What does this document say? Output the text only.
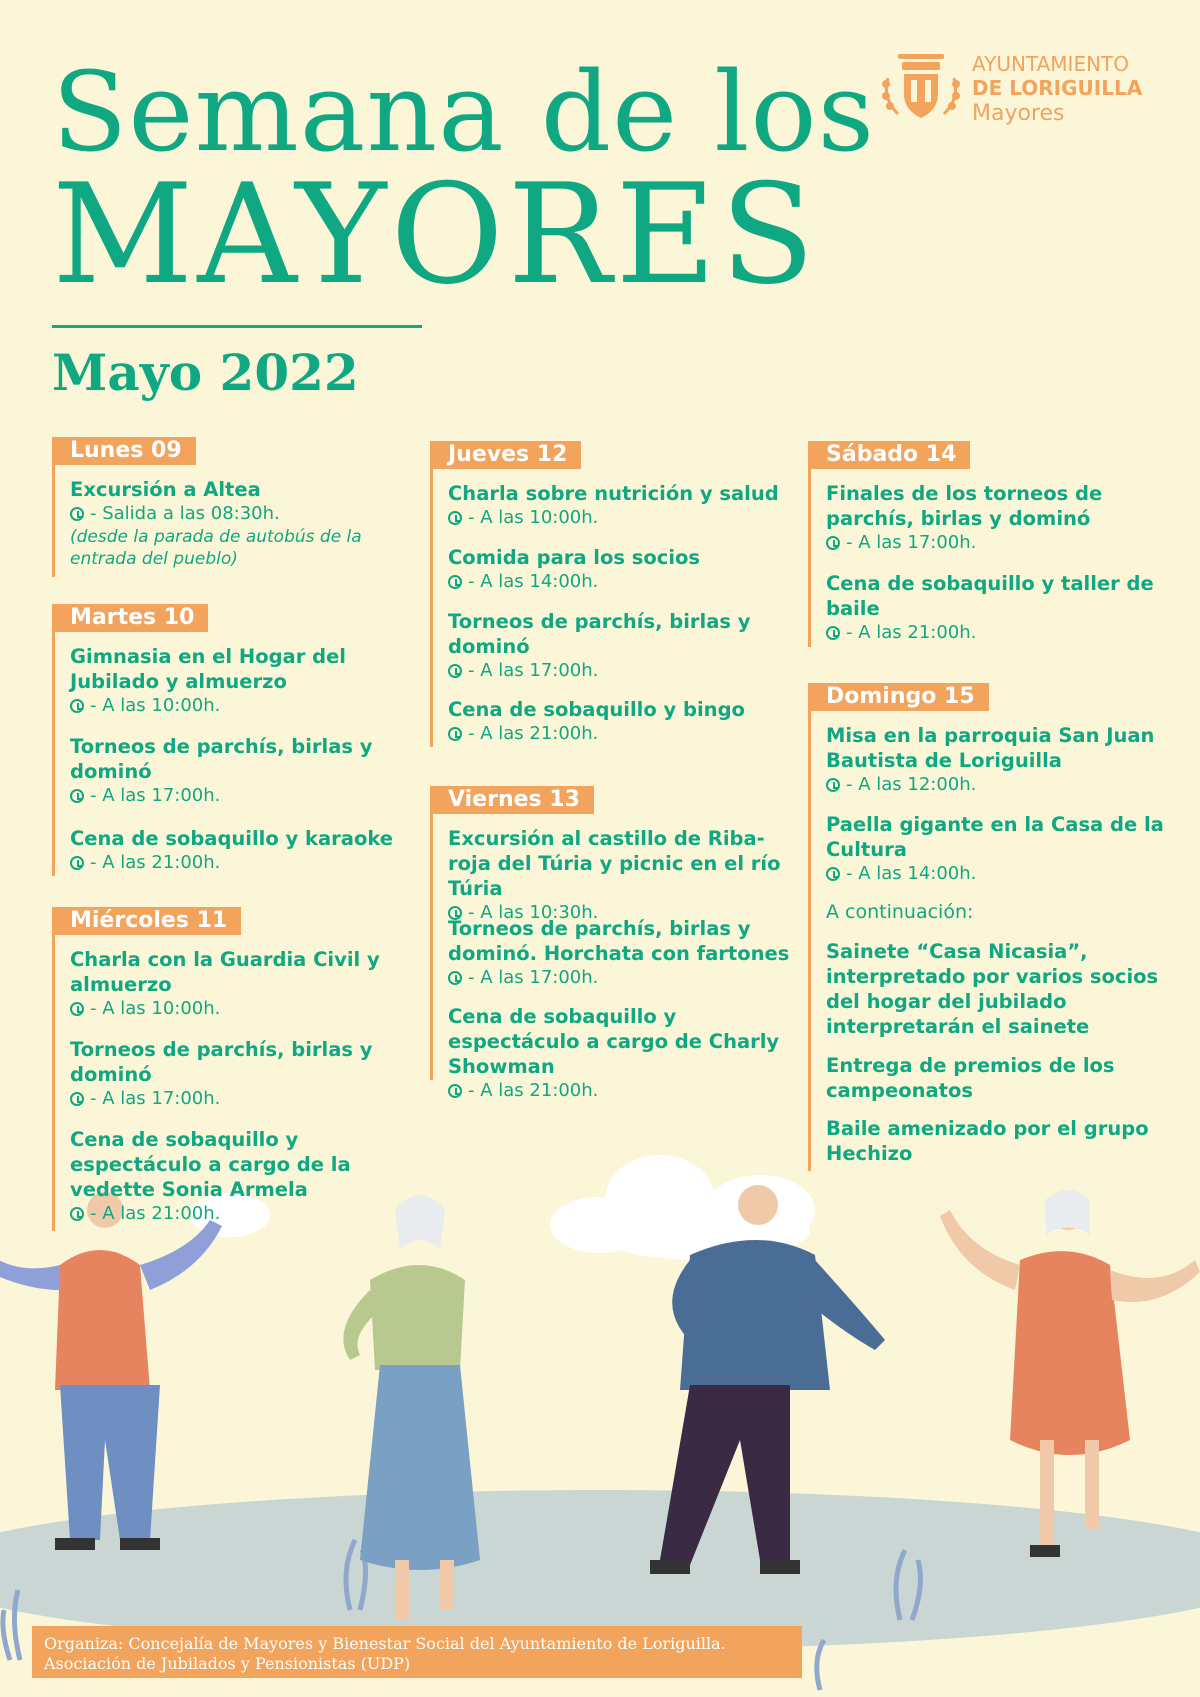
Semana de los
MAYORES
Mayo 2022
AYUNTAMIENTO
DE LORIGUILLA
Mayores
Lunes 09
Excursión a Altea
- Salida a las 08:30h.
(desde la parada de autobús de la entrada del pueblo)
Martes 10
Gimnasia en el Hogar del Jubilado y almuerzo
- A las 10:00h.
Torneos de parchís, birlas y dominó
- A las 17:00h.
Cena de sobaquillo y karaoke
- A las 21:00h.
Miércoles 11
Charla con la Guardia Civil y almuerzo
- A las 10:00h.
Torneos de parchís, birlas y dominó
- A las 17:00h.
Cena de sobaquillo y espectáculo a cargo de la vedette Sonia Armela
- A las 21:00h.
Jueves 12
Charla sobre nutrición y salud
- A las 10:00h.
Comida para los socios
- A las 14:00h.
Torneos de parchís, birlas y dominó
- A las 17:00h.
Cena de sobaquillo y bingo
- A las 21:00h.
Viernes 13
Excursión al castillo de Riba-roja del Túria y picnic en el río Túria
- A las 10:30h.
Torneos de parchís, birlas y dominó. Horchata con fartones
- A las 17:00h.
Cena de sobaquillo y espectáculo a cargo de Charly Showman
- A las 21:00h.
Sábado 14
Finales de los torneos de parchís, birlas y dominó
- A las 17:00h.
Cena de sobaquillo y taller de baile
- A las 21:00h.
Domingo 15
Misa en la parroquia San Juan Bautista de Loriguilla
- A las 12:00h.
Paella gigante en la Casa de la Cultura
- A las 14:00h.
A continuación:
Sainete “Casa Nicasia”, interpretado por varios socios del hogar del jubilado interpretarán el sainete
Entrega de premios de los campeonatos
Baile amenizado por el grupo Hechizo
Organiza: Concejalía de Mayores y Bienestar Social del Ayuntamiento de Loriguilla.
Asociación de Jubilados y Pensionistas (UDP)
